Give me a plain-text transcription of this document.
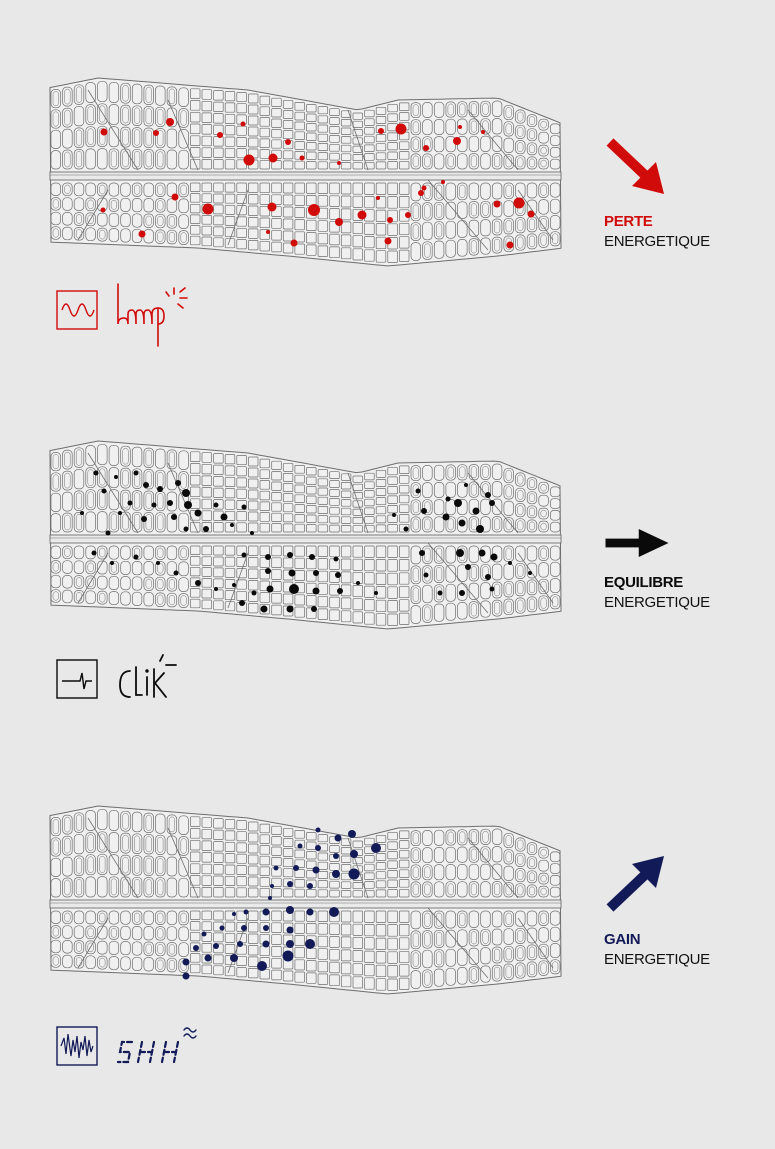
PERTE
ENERGETIQUE
EQUILIBRE
ENERGETIQUE
GAIN
ENERGETIQUE
